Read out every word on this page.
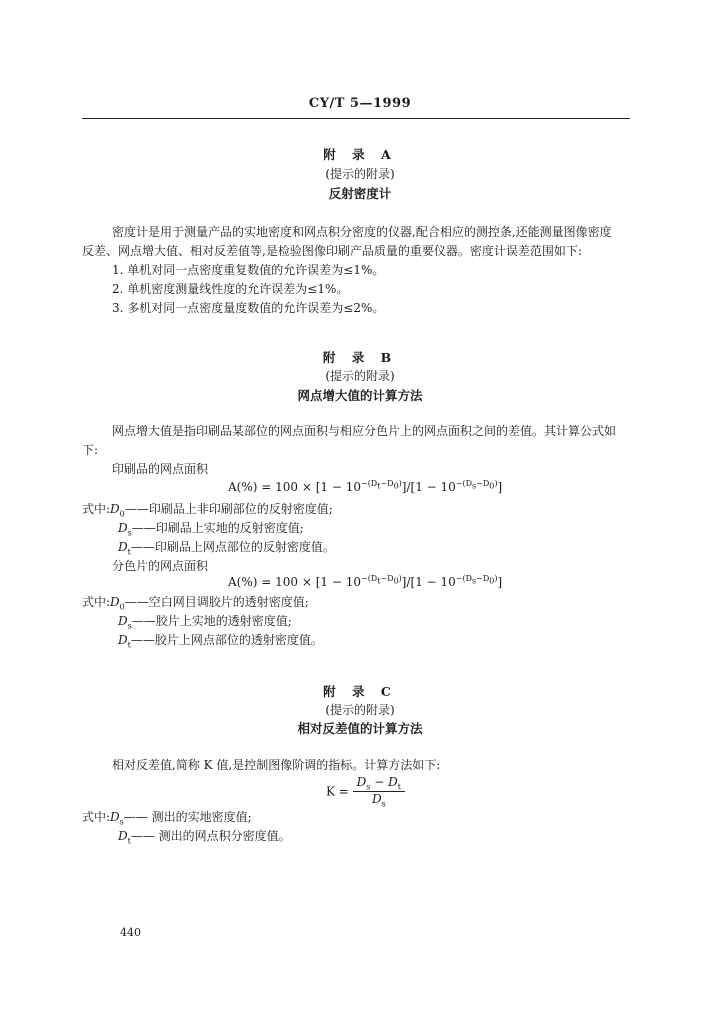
CY/T 5—1999
附 录 A
(提示的附录)
反射密度计
密度计是用于测量产品的实地密度和网点积分密度的仪器,配合相应的测控条,还能测量图像密度
反差、网点增大值、相对反差值等,是检验图像印刷产品质量的重要仪器。密度计误差范围如下:
1. 单机对同一点密度重复数值的允许误差为≤1%。
2. 单机密度测量线性度的允许误差为≤1%。
3. 多机对同一点密度量度数值的允许误差为≤2%。
附 录 B
(提示的附录)
网点增大值的计算方法
网点增大值是指印刷品某部位的网点面积与相应分色片上的网点面积之间的差值。其计算公式如
下:
印刷品的网点面积
$A(\%) = 100 \times [1 - 10^{-(D_t-D_0)}]/[1 - 10^{-(D_s-D_0)}]$
式中$:D_0——$印刷品上非印刷部位的反射密度值;
$D_s——$印刷品上实地的反射密度值;
$D_t——$印刷品上网点部位的反射密度值。
分色片的网点面积
$A(\%) = 100 \times [1 - 10^{-(D_t-D_0)}]/[1 - 10^{-(D_s-D_0)}]$
式中$:D_0——$空白网目调胶片的透射密度值;
$D_s——$胶片上实地的透射密度值;
$D_t——$胶片上网点部位的透射密度值。
附 录 C
(提示的附录)
相对反差值的计算方法
相对反差值,简称 K 值,是控制图像阶调的指标。计算方法如下:
$K = \frac{D_s - D_t}{D_s}$
式中$:D_s——$ 测出的实地密度值;
$D_t——$ 测出的网点积分密度值。
440
